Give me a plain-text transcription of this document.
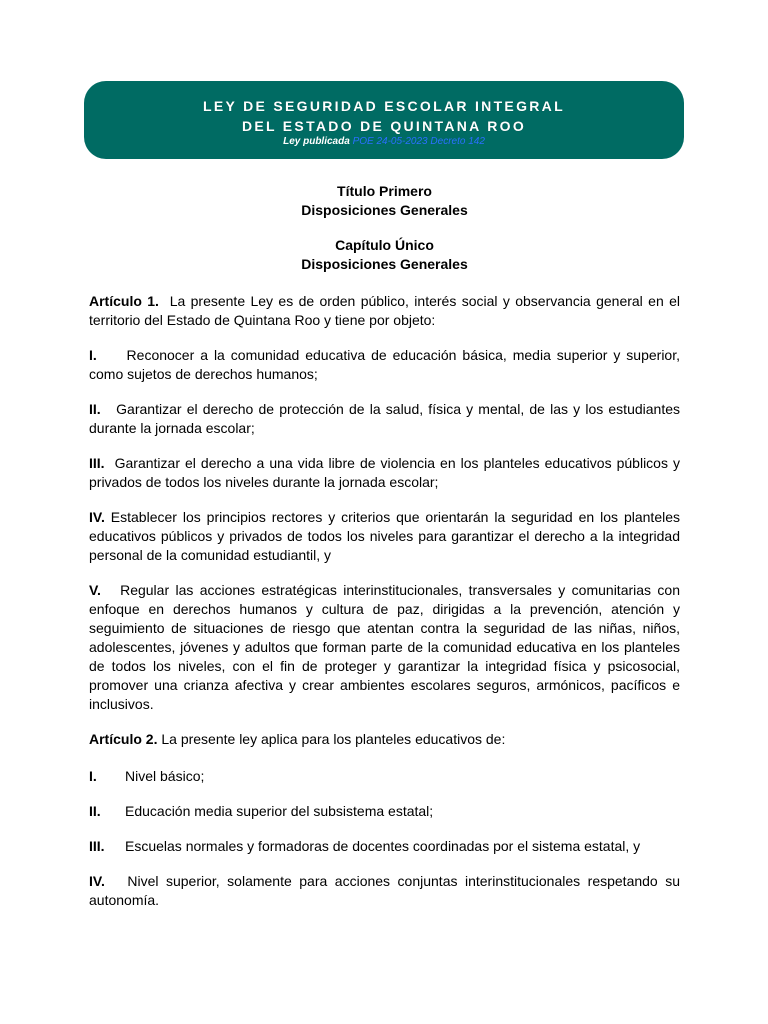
LEY DE SEGURIDAD ESCOLAR INTEGRAL
DEL ESTADO DE QUINTANA ROO
Ley publicada POE 24-05-2023 Decreto 142
Título Primero
Disposiciones Generales
Capítulo Único
Disposiciones Generales

Artículo 1. La presente Ley es de orden público, interés social y observancia general en el territorio del Estado de Quintana Roo y tiene por objeto:

I. Reconocer a la comunidad educativa de educación básica, media superior y superior, como sujetos de derechos humanos;

II. Garantizar el derecho de protección de la salud, física y mental, de las y los estudiantes durante la jornada escolar;

III. Garantizar el derecho a una vida libre de violencia en los planteles educativos públicos y privados de todos los niveles durante la jornada escolar;

IV. Establecer los principios rectores y criterios que orientarán la seguridad en los planteles educativos públicos y privados de todos los niveles para garantizar el derecho a la integridad personal de la comunidad estudiantil, y

V. Regular las acciones estratégicas interinstitucionales, transversales y comunitarias con enfoque en derechos humanos y cultura de paz, dirigidas a la prevención, atención y seguimiento de situaciones de riesgo que atentan contra la seguridad de las niñas, niños, adolescentes, jóvenes y adultos que forman parte de la comunidad educativa en los planteles de todos los niveles, con el fin de proteger y garantizar la integridad física y psicosocial, promover una crianza afectiva y crear ambientes escolares seguros, armónicos, pacíficos e inclusivos.

Artículo 2. La presente ley aplica para los planteles educativos de:

I. Nivel básico;

II. Educación media superior del subsistema estatal;

III. Escuelas normales y formadoras de docentes coordinadas por el sistema estatal, y

IV. Nivel superior, solamente para acciones conjuntas interinstitucionales respetando su autonomía.
